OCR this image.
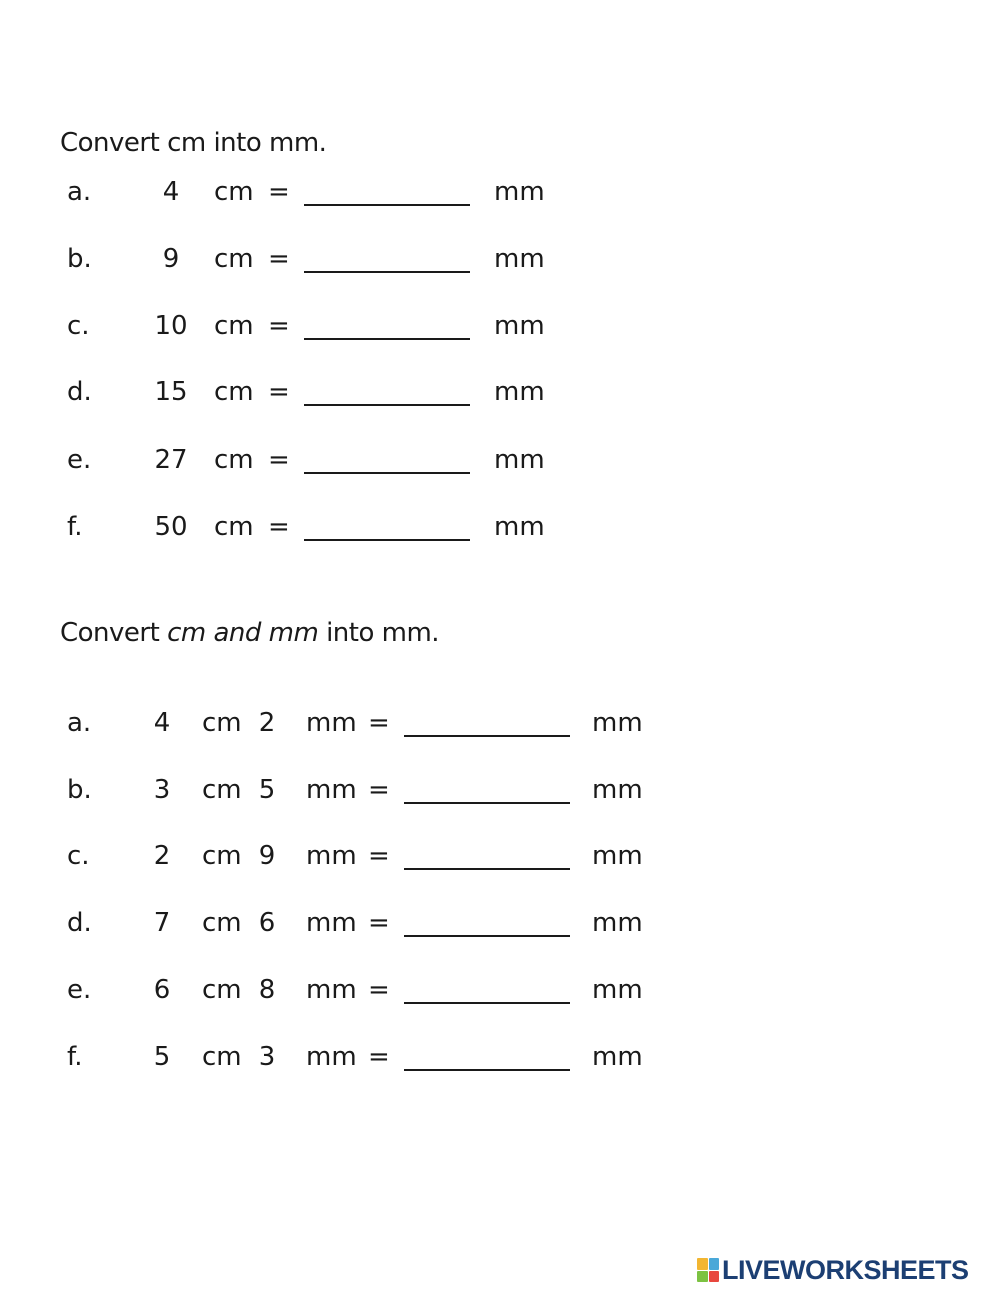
Convert cm into mm.
a.	4	cm =	mm
b.	9	cm =	mm
c. 10 cm =	mm
d. 15 cm =	mm
e. 27 cm =	mm
f.	50 cm =	mm
Convert cm and mm into mm.
a. 4 cm 2 mm =	mm
b. 3 cm 5 mm =	mm
c. 2 cm 9 mm =	mm
d. 7 cm 6 mm =	mm
e. 6 cm 8 mm =	mm
f.	5 cm 3 mm =	mm
LIVEWORKSHEETS
